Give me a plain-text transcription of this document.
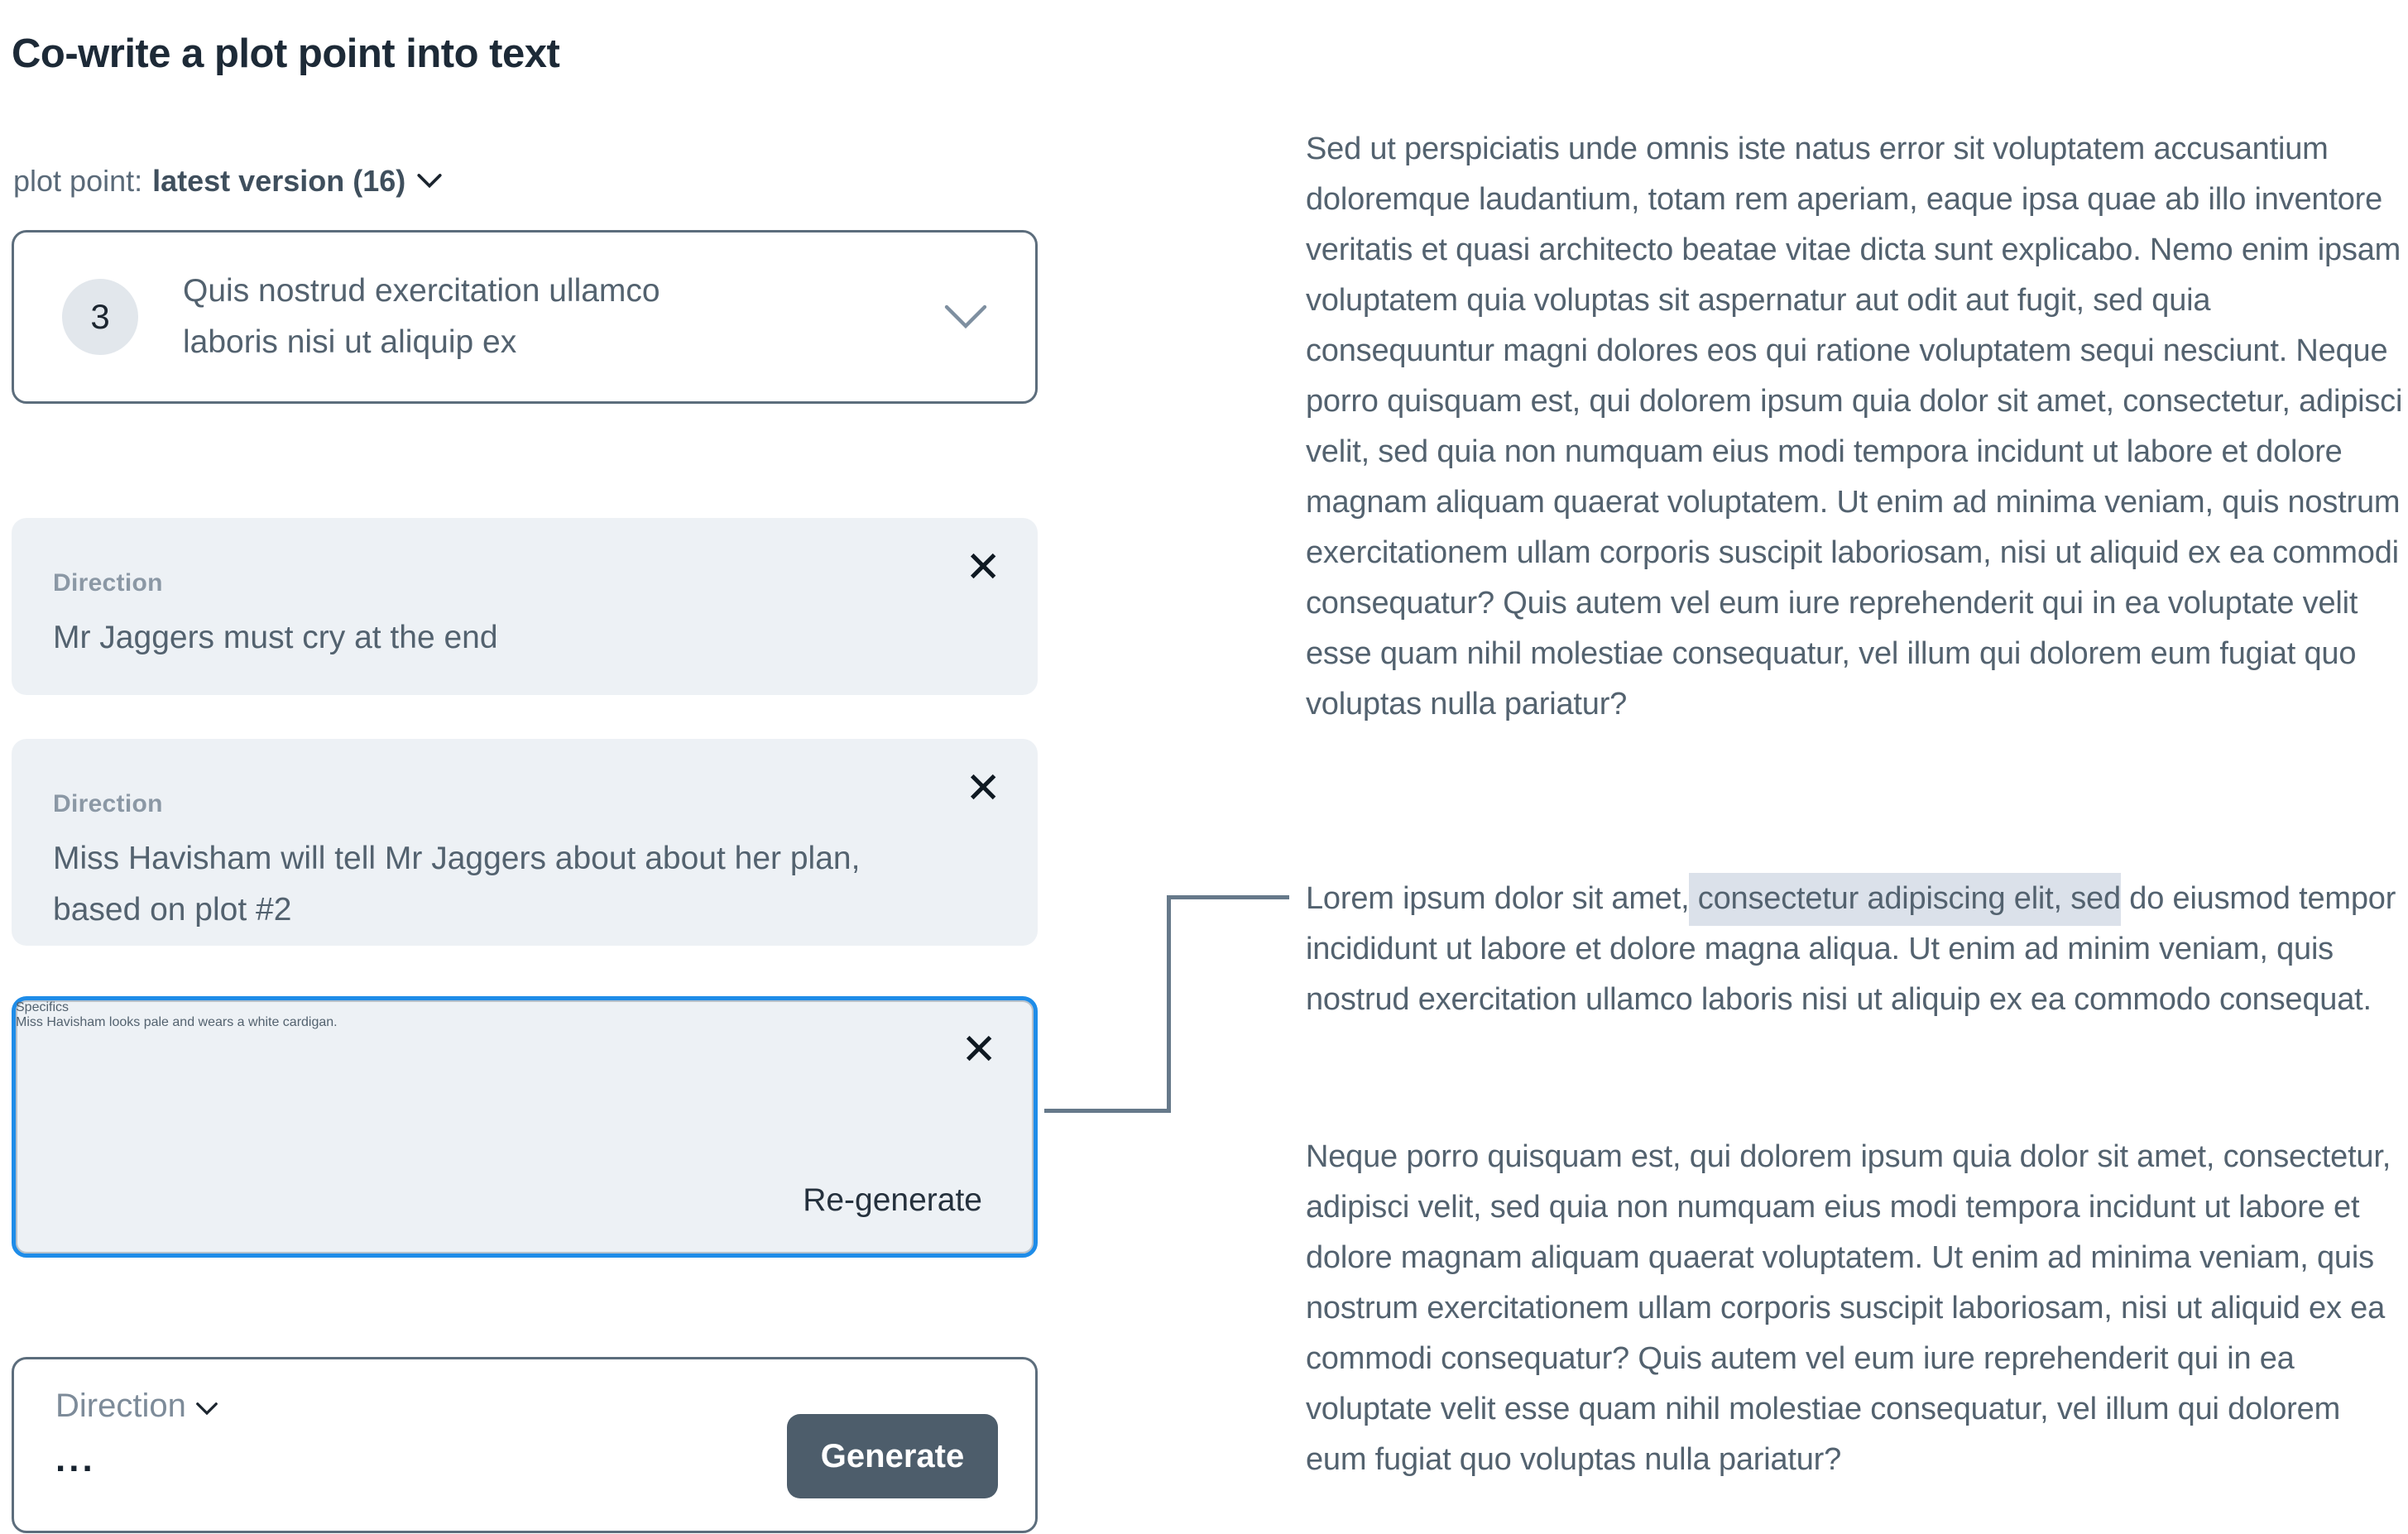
Co-write a plot point into text
plot point: latest version (16)
3
Quis nostrud exercitation ullamco laboris nisi ut aliquip ex
Direction
Mr Jaggers must cry at the end
✕
Direction
Miss Havisham will tell Mr Jaggers about about her plan, based on plot #2
✕
Specifics
Miss Havisham looks pale and wears a white cardigan.
✕
Re-generate
Direction
...	Generate

Sed ut perspiciatis unde omnis iste natus error sit voluptatem accusantium doloremque laudantium, totam rem aperiam, eaque ipsa quae ab illo inventore veritatis et quasi architecto beatae vitae dicta sunt explicabo. Nemo enim ipsam voluptatem quia voluptas sit aspernatur aut odit aut fugit, sed quia consequuntur magni dolores eos qui ratione voluptatem sequi nesciunt. Neque porro quisquam est, qui dolorem ipsum quia dolor sit amet, consectetur, adipisci velit, sed quia non numquam eius modi tempora incidunt ut labore et dolore magnam aliquam quaerat voluptatem. Ut enim ad minima veniam, quis nostrum exercitationem ullam corporis suscipit laboriosam, nisi ut aliquid ex ea commodi consequatur? Quis autem vel eum iure reprehenderit qui in ea voluptate velit esse quam nihil molestiae consequatur, vel illum qui dolorem eum fugiat quo voluptas nulla pariatur?

Lorem ipsum dolor sit amet, consectetur adipiscing elit, sed do eiusmod tempor incididunt ut labore et dolore magna aliqua. Ut enim ad minim veniam, quis nostrud exercitation ullamco laboris nisi ut aliquip ex ea commodo consequat.

Neque porro quisquam est, qui dolorem ipsum quia dolor sit amet, consectetur, adipisci velit, sed quia non numquam eius modi tempora incidunt ut labore et dolore magnam aliquam quaerat voluptatem. Ut enim ad minima veniam, quis nostrum exercitationem ullam corporis suscipit laboriosam, nisi ut aliquid ex ea commodi consequatur? Quis autem vel eum iure reprehenderit qui in ea voluptate velit esse quam nihil molestiae consequatur, vel illum qui dolorem eum fugiat quo voluptas nulla pariatur?
